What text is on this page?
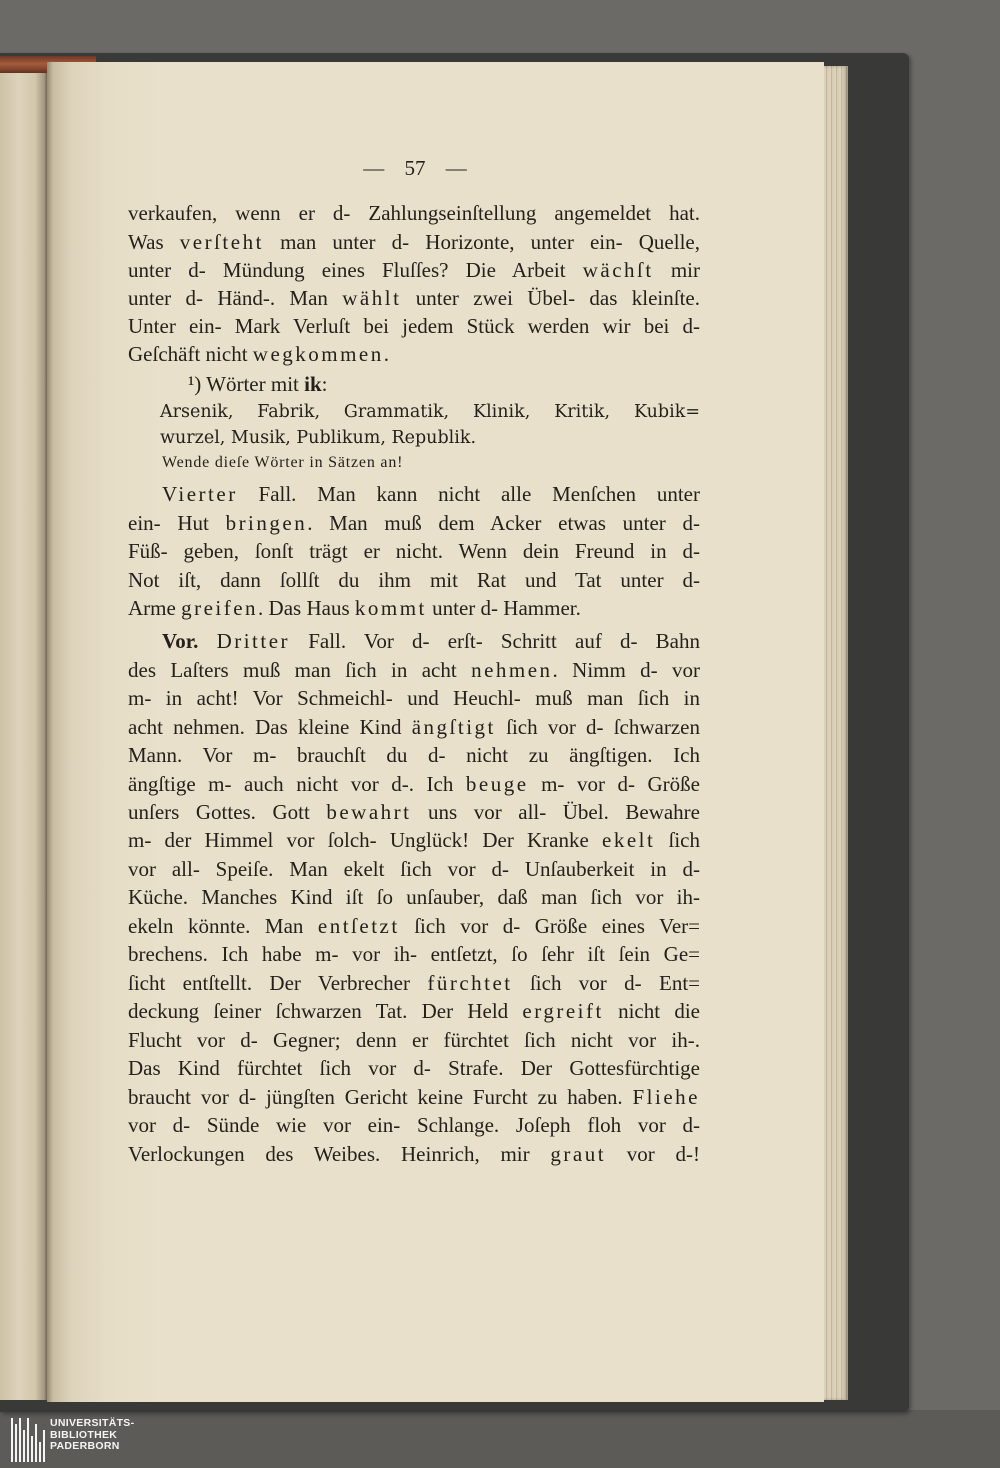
— 57 —
verkaufen, wenn er d- Zahlungseinſtellung angemeldet hat.
Was verſteht man unter d- Horizonte, unter ein- Quelle,
unter d- Mündung eines Fluſſes? Die Arbeit wächſt mir
unter d- Händ-. Man wählt unter zwei Übel- das kleinſte.
Unter ein- Mark Verluſt bei jedem Stück werden wir bei d-
Geſchäft nicht wegkommen.
¹) Wörter mit ik:
Arsenik, Fabrik, Grammatik, Klinik, Kritik, Kubik=
wurzel, Musik, Publikum, Republik.
Wende dieſe Wörter in Sätzen an!
Vierter Fall. Man kann nicht alle Menſchen unter
ein- Hut bringen. Man muß dem Acker etwas unter d-
Füß- geben, ſonſt trägt er nicht. Wenn dein Freund in d-
Not iſt, dann ſollſt du ihm mit Rat und Tat unter d-
Arme greifen. Das Haus kommt unter d- Hammer.
Vor. Dritter Fall. Vor d- erſt- Schritt auf d- Bahn
des Laſters muß man ſich in acht nehmen. Nimm d- vor
m- in acht! Vor Schmeichl- und Heuchl- muß man ſich in
acht nehmen. Das kleine Kind ängſtigt ſich vor d- ſchwarzen
Mann. Vor m- brauchſt du d- nicht zu ängſtigen. Ich
ängſtige m- auch nicht vor d-. Ich beuge m- vor d- Größe
unſers Gottes. Gott bewahrt uns vor all- Übel. Bewahre
m- der Himmel vor ſolch- Unglück! Der Kranke ekelt ſich
vor all- Speiſe. Man ekelt ſich vor d- Unſauberkeit in d-
Küche. Manches Kind iſt ſo unſauber, daß man ſich vor ih-
ekeln könnte. Man entſetzt ſich vor d- Größe eines Ver=
brechens. Ich habe m- vor ih- entſetzt, ſo ſehr iſt ſein Ge=
ſicht entſtellt. Der Verbrecher fürchtet ſich vor d- Ent=
deckung ſeiner ſchwarzen Tat. Der Held ergreift nicht die
Flucht vor d- Gegner; denn er fürchtet ſich nicht vor ih-.
Das Kind fürchtet ſich vor d- Strafe. Der Gottesfürchtige
braucht vor d- jüngſten Gericht keine Furcht zu haben. Fliehe
vor d- Sünde wie vor ein- Schlange. Joſeph floh vor d-
Verlockungen des Weibes. Heinrich, mir graut vor d-!
UNIVERSITÄTS-
BIBLIOTHEK
PADERBORN
